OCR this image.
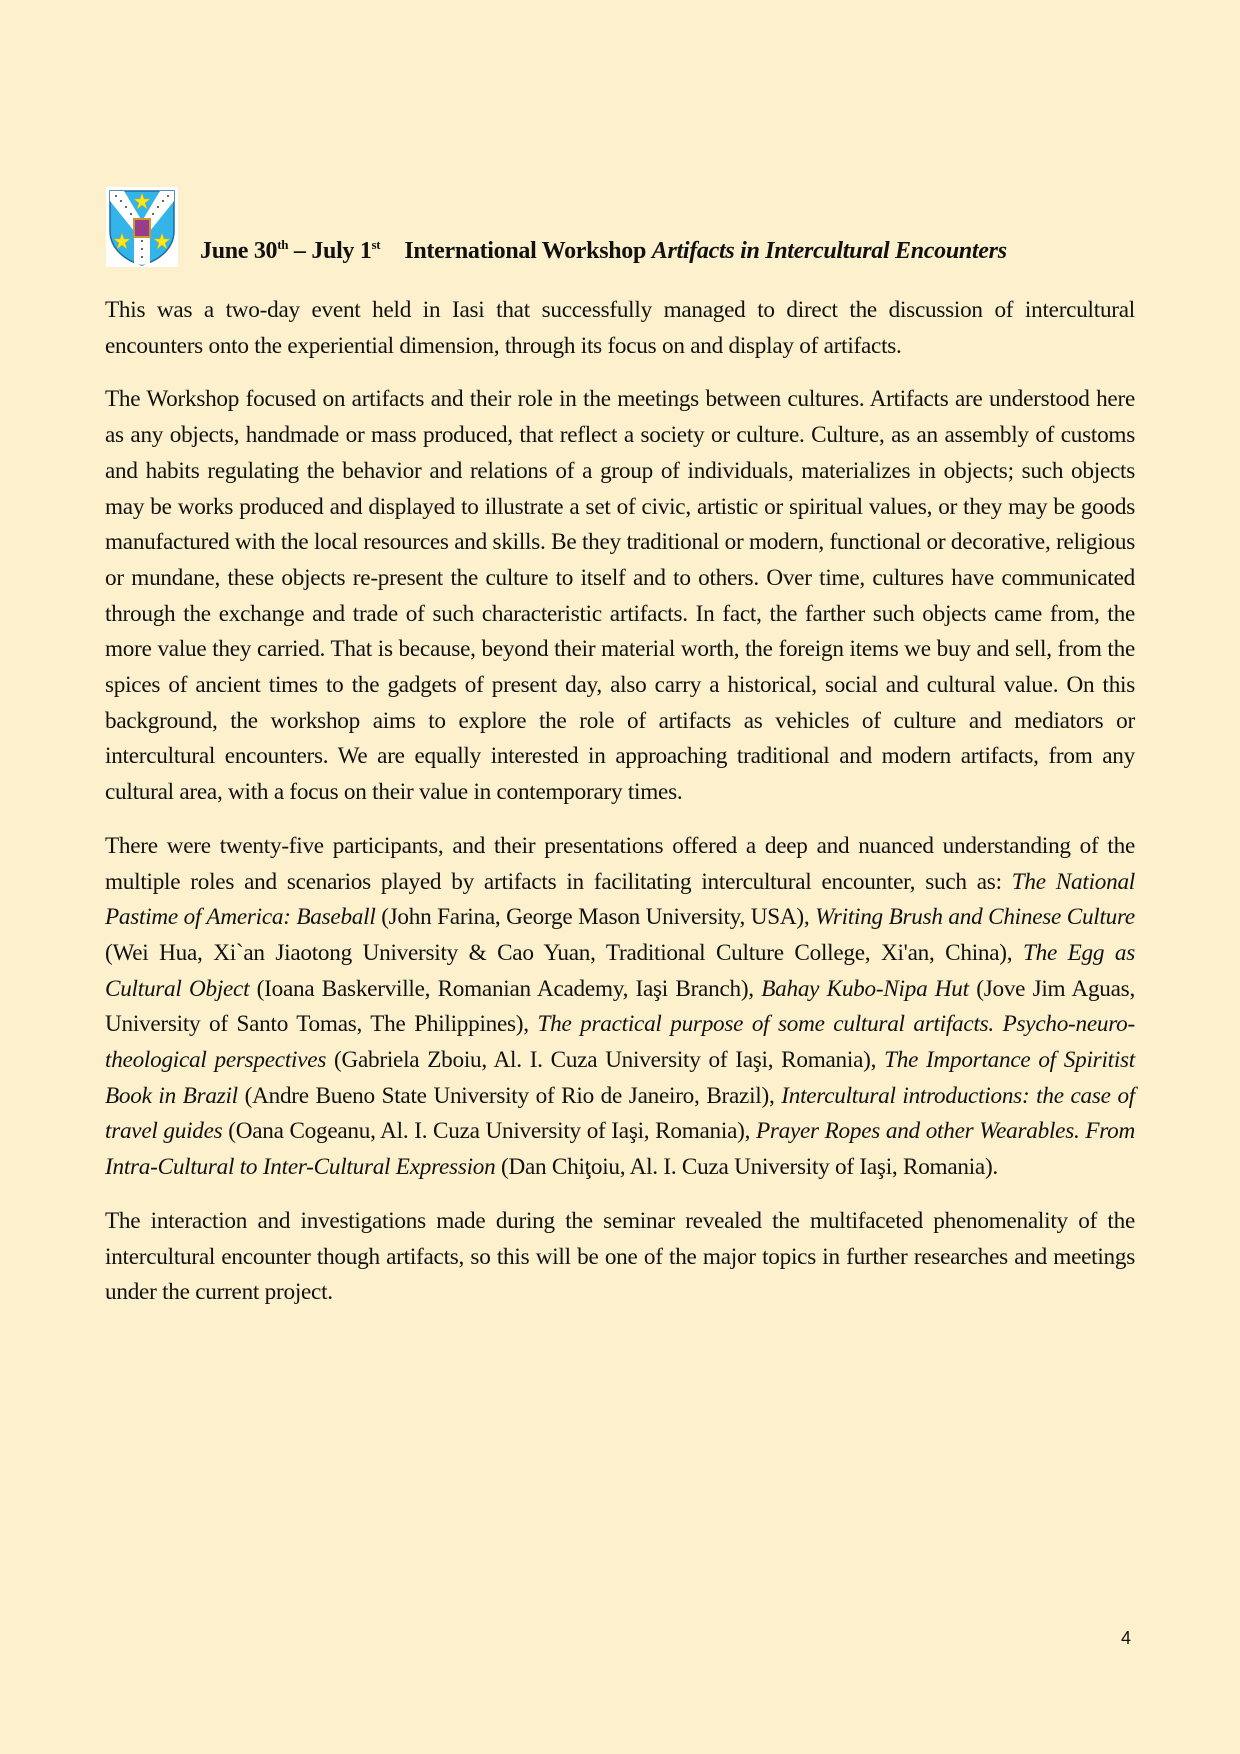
June 30th – July 1st International Workshop Artifacts in Intercultural Encounters

This was a two-day event held in Iasi that successfully managed to direct the discussion of intercultural encounters onto the experiential dimension, through its focus on and display of artifacts.

The Workshop focused on artifacts and their role in the meetings between cultures. Artifacts are understood here as any objects, handmade or mass produced, that reflect a society or culture. Culture, as an assembly of customs and habits regulating the behavior and relations of a group of individuals, materializes in objects; such objects may be works produced and displayed to illustrate a set of civic, artistic or spiritual values, or they may be goods manufactured with the local resources and skills. Be they traditional or modern, functional or decorative, religious or mundane, these objects re-present the culture to itself and to others. Over time, cultures have communicated through the exchange and trade of such characteristic artifacts. In fact, the farther such objects came from, the more value they carried. That is because, beyond their material worth, the foreign items we buy and sell, from the spices of ancient times to the gadgets of present day, also carry a historical, social and cultural value. On this background, the workshop aims to explore the role of artifacts as vehicles of culture and mediators or intercultural encounters. We are equally interested in approaching traditional and modern artifacts, from any cultural area, with a focus on their value in contemporary times.

There were twenty-five participants, and their presentations offered a deep and nuanced understanding of the multiple roles and scenarios played by artifacts in facilitating intercultural encounter, such as: The National Pastime of America: Baseball (John Farina, George Mason University, USA), Writing Brush and Chinese Culture (Wei Hua, Xi`an Jiaotong University & Cao Yuan, Traditional Culture College, Xi'an, China), The Egg as Cultural Object (Ioana Baskerville, Romanian Academy, Iaşi Branch), Bahay Kubo-Nipa Hut (Jove Jim Aguas, University of Santo Tomas, The Philippines), The practical purpose of some cultural artifacts. Psycho-neuro-theological perspectives (Gabriela Zboiu, Al. I. Cuza University of Iaşi, Romania), The Importance of Spiritist Book in Brazil (Andre Bueno State University of Rio de Janeiro, Brazil), Intercultural introductions: the case of travel guides (Oana Cogeanu, Al. I. Cuza University of Iaşi, Romania), Prayer Ropes and other Wearables. From Intra-Cultural to Inter-Cultural Expression (Dan Chiţoiu, Al. I. Cuza University of Iaşi, Romania).

The interaction and investigations made during the seminar revealed the multifaceted phenomenality of the intercultural encounter though artifacts, so this will be one of the major topics in further researches and meetings under the current project.

4
